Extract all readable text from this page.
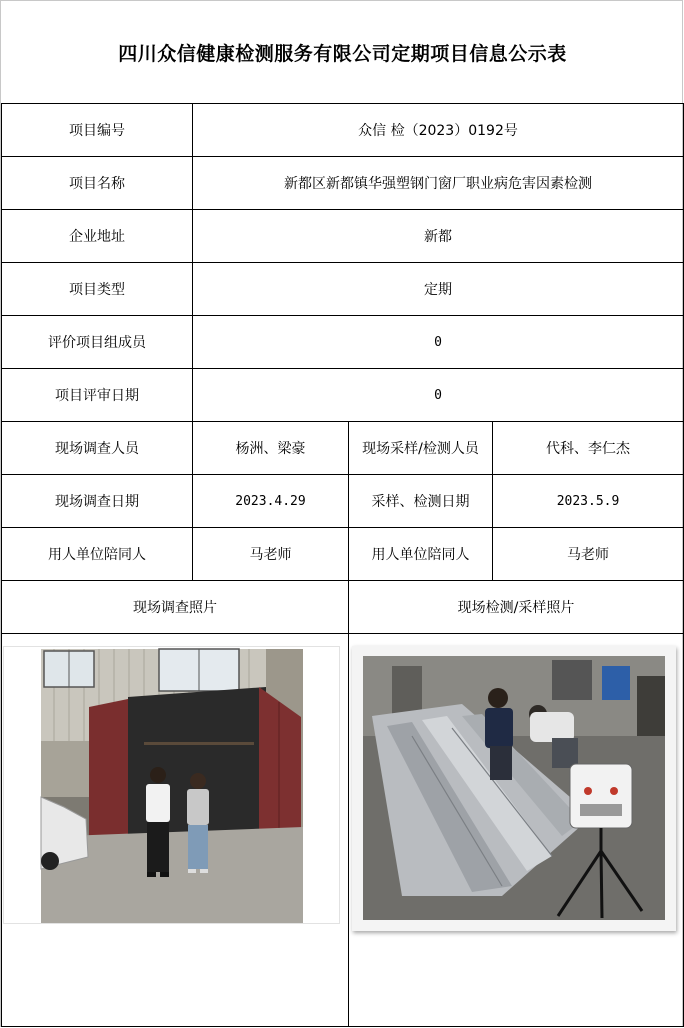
四川众信健康检测服务有限公司定期项目信息公示表
项目编号	众信 检（2023）0192号
项目名称	新都区新都镇华强塑钢门窗厂职业病危害因素检测
企业地址	新都
项目类型	定期
评价项目组成员	0
项目评审日期	0
现场调查人员	杨洲、梁豪	现场采样/检测人员	代科、李仁杰
现场调查日期	2023.4.29	采样、检测日期	2023.5.9
用人单位陪同人	马老师	用人单位陪同人	马老师
现场调查照片	现场检测/采样照片
